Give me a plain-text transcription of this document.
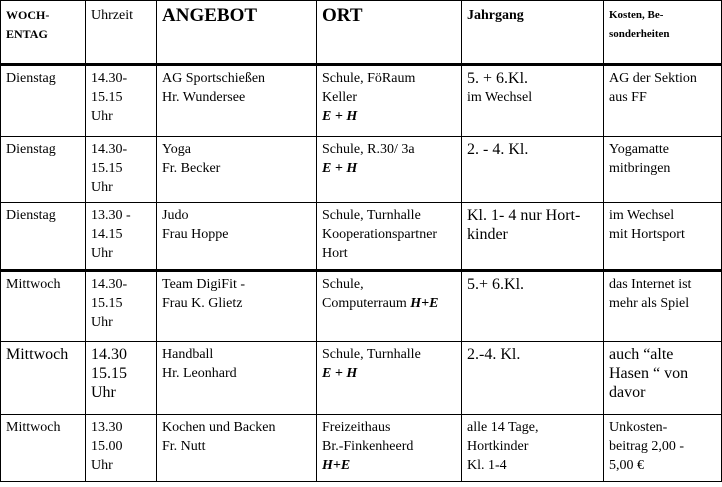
WOCH-
ENTAG	Uhrzeit	ANGEBOT	ORT	Jahrgang	Kosten, Be-
sonderheiten

Dienstag	14.30-
15.15
Uhr	AG Sportschießen
Hr. Wundersee	Schule, FöRaum
Keller
E + H	5. + 6.Kl.
im Wechsel	AG der Sektion
aus FF

Dienstag	14.30-
15.15
Uhr	Yoga
Fr. Becker	Schule, R.30/ 3a
E + H	2. - 4. Kl.	Yogamatte
mitbringen

Dienstag	13.30 -
14.15
Uhr	Judo
Frau Hoppe	Schule, Turnhalle
Kooperationspartner
Hort	Kl. 1- 4 nur Hort-
kinder	im Wechsel
mit Hortsport

Mittwoch	14.30-
15.15
Uhr	Team DigiFit -
Frau K. Glietz	Schule,
Computerraum H+E	5.+ 6.Kl.	das Internet ist
mehr als Spiel

Mittwoch	14.30
15.15
Uhr	Handball
Hr. Leonhard	Schule, Turnhalle
E + H	2.-4. Kl.	auch “alte
Hasen “ von
davor

Mittwoch	13.30
15.00
Uhr	Kochen und Backen
Fr. Nutt	Freizeithaus
Br.-Finkenheerd
H+E	alle 14 Tage,
Hortkinder
Kl. 1-4	Unkosten-
beitrag 2,00 -
5,00 €
